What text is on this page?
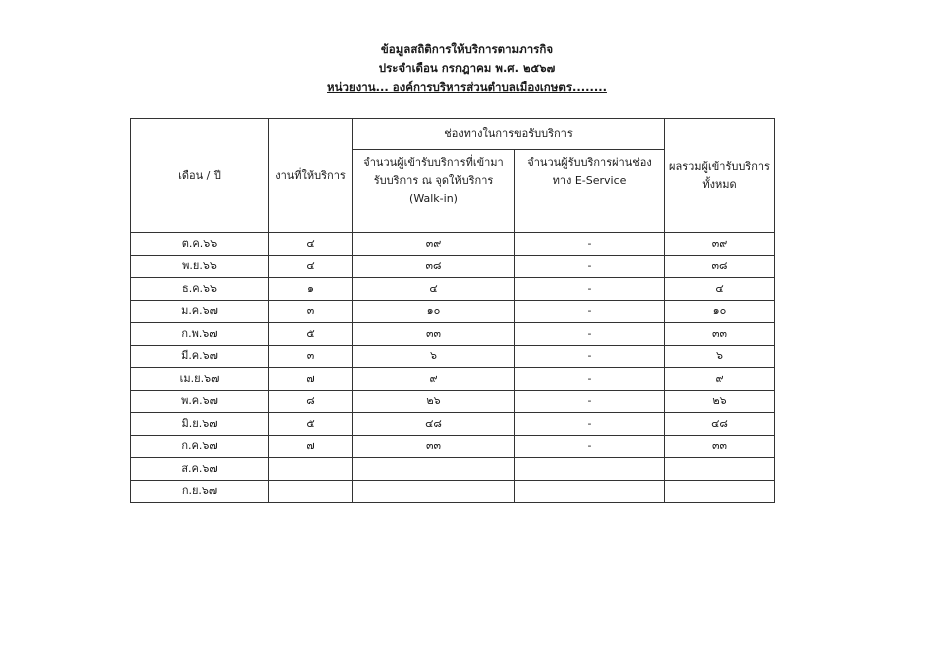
ข้อมูลสถิติการให้บริการตามภารกิจ
ประจำเดือน กรกฎาคม พ.ศ. ๒๕๖๗
หน่วยงาน... องค์การบริหารส่วนตำบลเมืองเกษตร........
เดือน / ปี	งานที่ให้บริการ	ช่องทางในการขอรับบริการ		ผลรวมผู้เข้ารับบริการทั้งหมด
		จำนวนผู้เข้ารับบริการที่เข้ามารับบริการ ณ จุดให้บริการ (Walk-in)	จำนวนผู้รับบริการผ่านช่องทาง E-Service	
ต.ค.๖๖	๔	๓๙	-	๓๙
พ.ย.๖๖	๔	๓๘	-	๓๘
ธ.ค.๖๖	๑	๔	-	๔
ม.ค.๖๗	๓	๑๐	-	๑๐
ก.พ.๖๗	๕	๓๓	-	๓๓
มี.ค.๖๗	๓	๖	-	๖
เม.ย.๖๗	๗	๙	-	๙
พ.ค.๖๗	๘	๒๖	-	๒๖
มิ.ย.๖๗	๕	๔๘	-	๔๘
ก.ค.๖๗	๗	๓๓	-	๓๓
ส.ค.๖๗				
ก.ย.๖๗				
